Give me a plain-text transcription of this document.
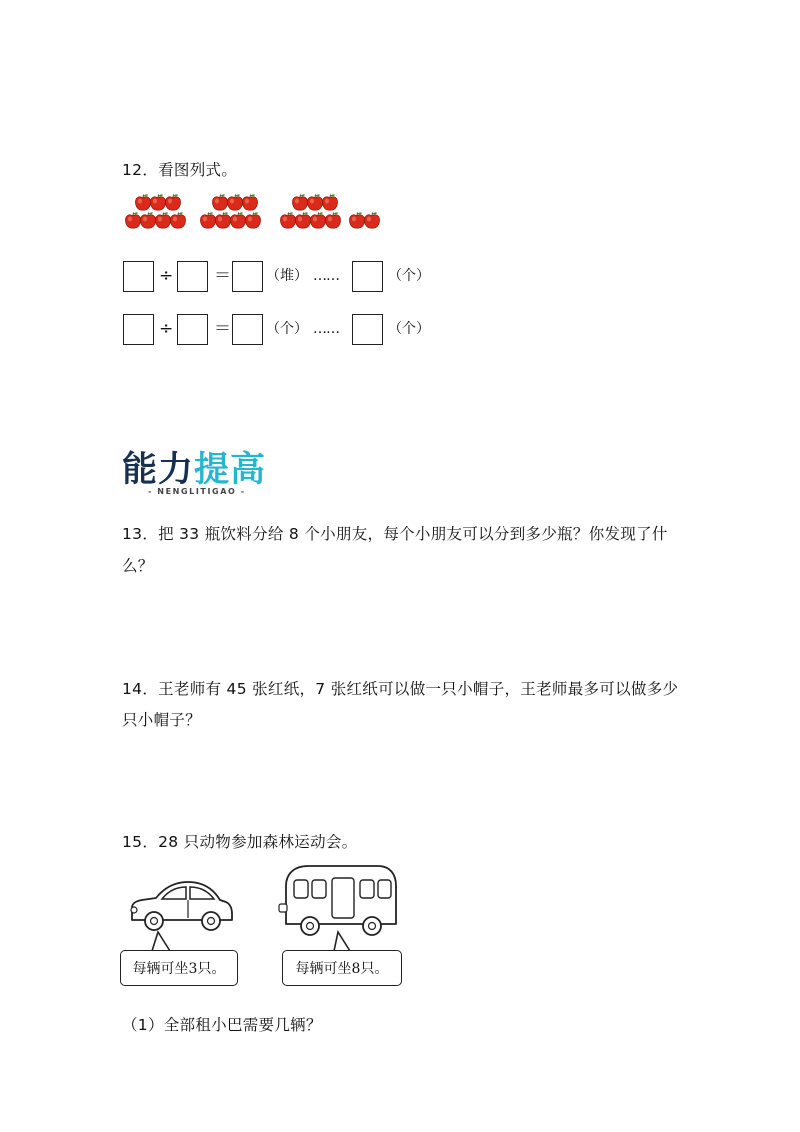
12．看图列式。
÷ ＝	（堆） ……	（个）
÷ ＝	（个） ……	（个）
能力提高
- NENGLITIGAO -
13．把 33 瓶饮料分给 8 个小朋友，每个小朋友可以分到多少瓶？你发现了什
么？
14．王老师有 45 张红纸，7 张红纸可以做一只小帽子，王老师最多可以做多少
只小帽子？
15．28 只动物参加森林运动会。
每辆可坐3只。	每辆可坐8只。
（1）全部租小巴需要几辆？
